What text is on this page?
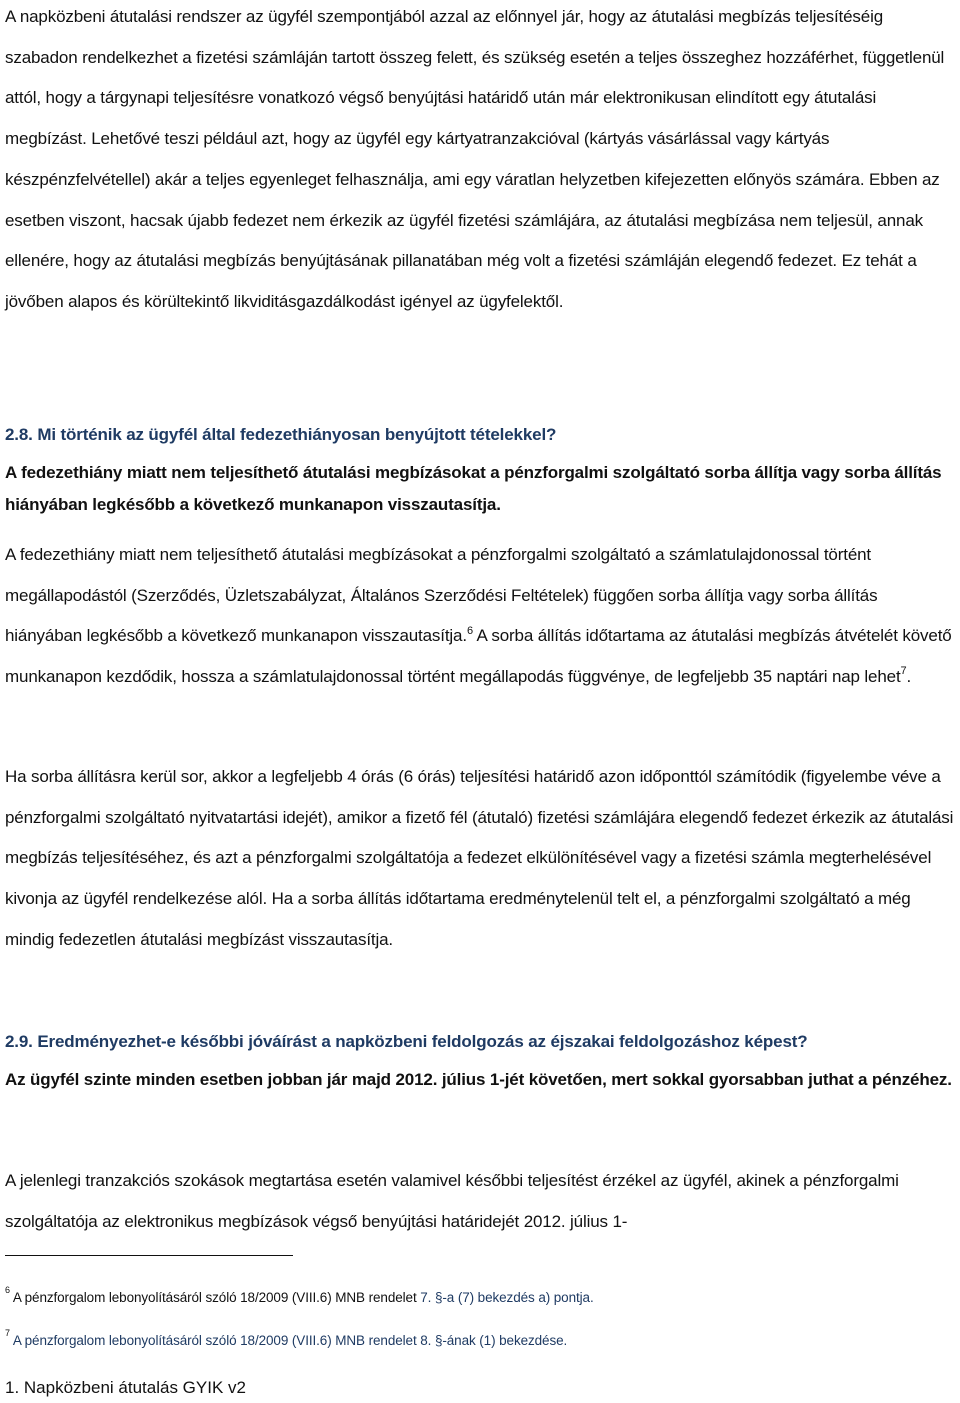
A napközbeni átutalási rendszer az ügyfél szempontjából azzal az előnnyel jár, hogy az átutalási megbízás teljesítéséig szabadon rendelkezhet a fizetési számláján tartott összeg felett, és szükség esetén a teljes összeghez hozzáférhet, függetlenül attól, hogy a tárgynapi teljesítésre vonatkozó végső benyújtási határidő után már elektronikusan elindított egy átutalási megbízást. Lehetővé teszi például azt, hogy az ügyfél egy kártyatranzakcióval (kártyás vásárlással vagy kártyás készpénzfelvétellel) akár a teljes egyenleget felhasználja, ami egy váratlan helyzetben kifejezetten előnyös számára. Ebben az esetben viszont, hacsak újabb fedezet nem érkezik az ügyfél fizetési számlájára, az átutalási megbízása nem teljesül, annak ellenére, hogy az átutalási megbízás benyújtásának pillanatában még volt a fizetési számláján elegendő fedezet. Ez tehát a jövőben alapos és körültekintő likviditásgazdálkodást igényel az ügyfelektől.

2.8. Mi történik az ügyfél által fedezethiányosan benyújtott tételekkel?

A fedezethiány miatt nem teljesíthető átutalási megbízásokat a pénzforgalmi szolgáltató sorba állítja vagy sorba állítás hiányában legkésőbb a következő munkanapon visszautasítja.

A fedezethiány miatt nem teljesíthető átutalási megbízásokat a pénzforgalmi szolgáltató a számlatulajdonossal történt megállapodástól (Szerződés, Üzletszabályzat, Általános Szerződési Feltételek) függően sorba állítja vagy sorba állítás hiányában legkésőbb a következő munkanapon visszautasítja.$^6$ A sorba állítás időtartama az átutalási megbízás átvételét követő munkanapon kezdődik, hossza a számlatulajdonossal történt megállapodás függvénye, de legfeljebb 35 naptári nap lehet$^7$.

Ha sorba állításra kerül sor, akkor a legfeljebb 4 órás (6 órás) teljesítési határidő azon időponttól számítódik (figyelembe véve a pénzforgalmi szolgáltató nyitvatartási idejét), amikor a fizető fél (átutaló) fizetési számlájára elegendő fedezet érkezik az átutalási megbízás teljesítéséhez, és azt a pénzforgalmi szolgáltatója a fedezet elkülönítésével vagy a fizetési számla megterhelésével kivonja az ügyfél rendelkezése alól. Ha a sorba állítás időtartama eredménytelenül telt el, a pénzforgalmi szolgáltató a még mindig fedezetlen átutalási megbízást visszautasítja.

2.9. Eredményezhet-e későbbi jóváírást a napközbeni feldolgozás az éjszakai feldolgozáshoz képest?

Az ügyfél szinte minden esetben jobban jár majd 2012. július 1-jét követően, mert sokkal gyorsabban juthat a pénzéhez.

A jelenlegi tranzakciós szokások megtartása esetén valamivel későbbi teljesítést érzékel az ügyfél, akinek a pénzforgalmi szolgáltatója az elektronikus megbízások végső benyújtási határidejét 2012. július 1-

$^6$ A pénzforgalom lebonyolításáról szóló 18/2009 (VIII.6) MNB rendelet 7. §-a (7) bekezdés a) pontja.

$^7$ A pénzforgalom lebonyolításáról szóló 18/2009 (VIII.6) MNB rendelet 8. §-ának (1) bekezdése.

1. Napközbeni átutalás GYIK v2
